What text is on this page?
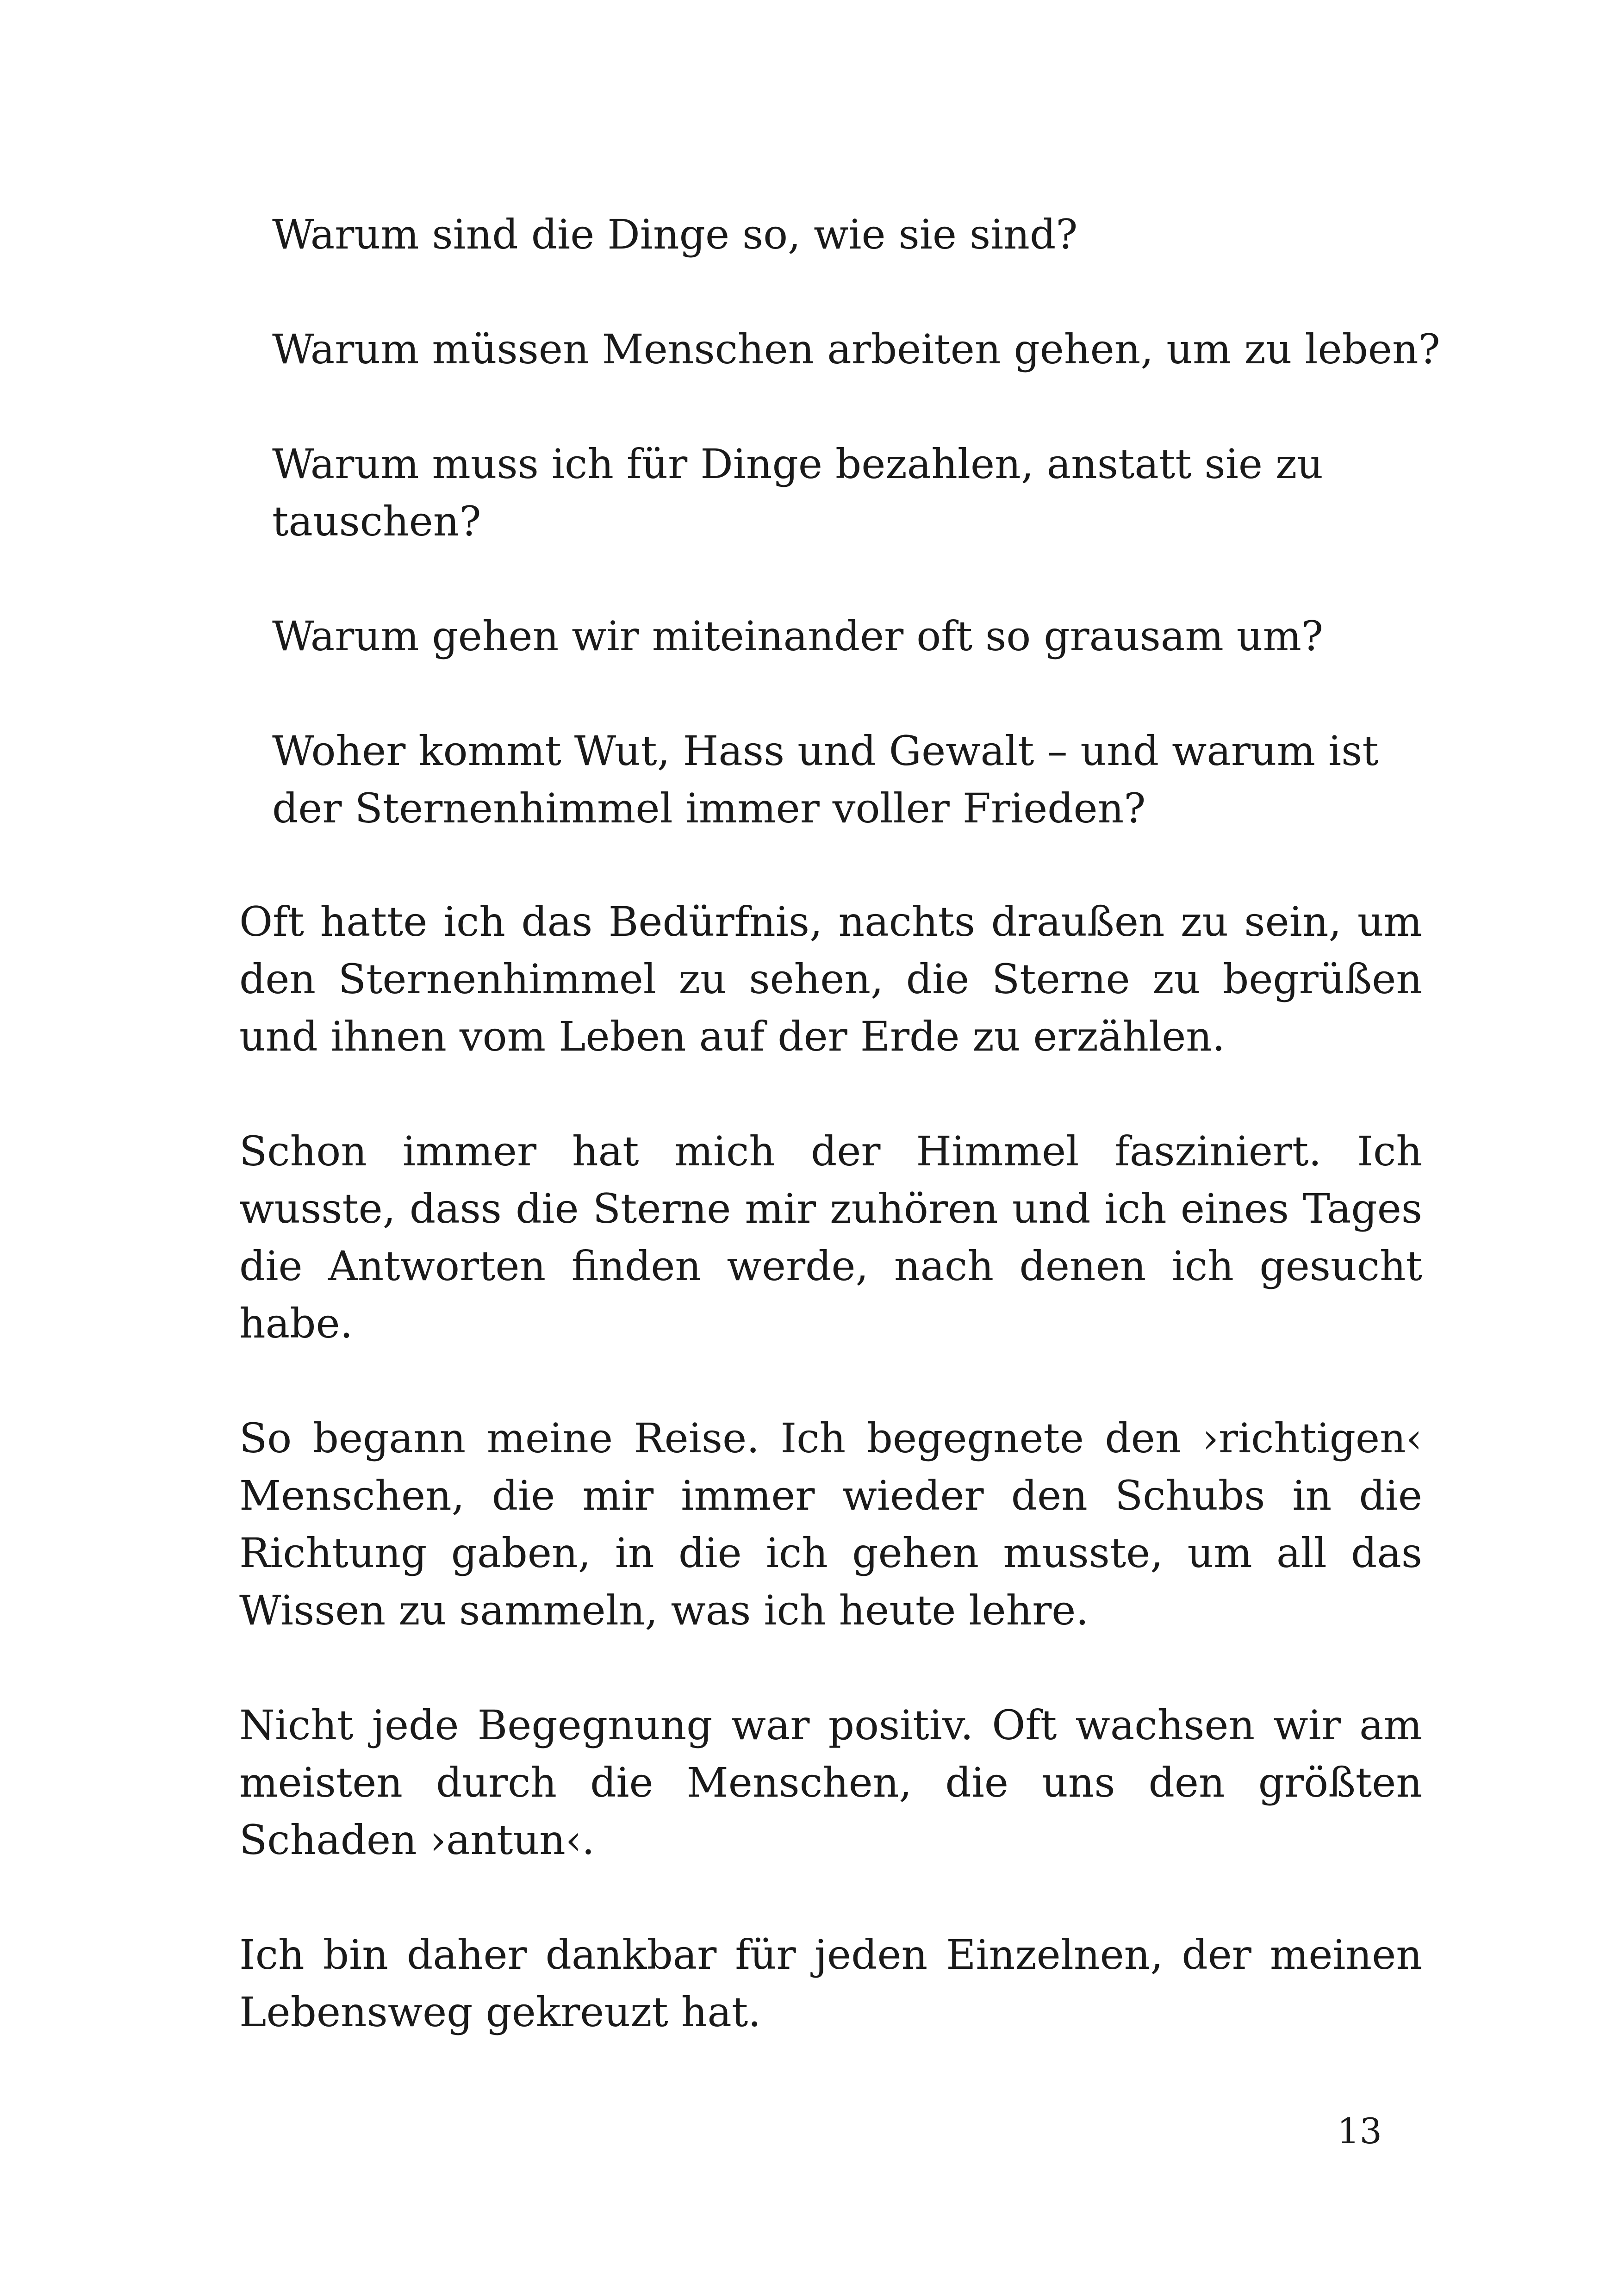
Warum sind die Dinge so, wie sie sind?

Warum müssen Menschen arbeiten gehen, um zu leben?

Warum muss ich für Dinge bezahlen, anstatt sie zu
tauschen?

Warum gehen wir miteinander oft so grausam um?

Woher kommt Wut, Hass und Gewalt – und warum ist
der Sternenhimmel immer voller Frieden?

Oft hatte ich das Bedürfnis, nachts draußen zu sein, um den Sternenhimmel zu sehen, die Sterne zu begrüßen und ihnen vom Leben auf der Erde zu erzählen.

Schon immer hat mich der Himmel fasziniert. Ich wusste, dass die Sterne mir zuhören und ich eines Tages die Antworten finden werde, nach denen ich gesucht habe.

So begann meine Reise. Ich begegnete den ›richtigen‹ Menschen, die mir immer wieder den Schubs in die Richtung gaben, in die ich gehen musste, um all das Wissen zu sammeln, was ich heute lehre.

Nicht jede Begegnung war positiv. Oft wachsen wir am meisten durch die Menschen, die uns den größten Schaden ›antun‹.

Ich bin daher dankbar für jeden Einzelnen, der meinen Lebensweg gekreuzt hat.

13
